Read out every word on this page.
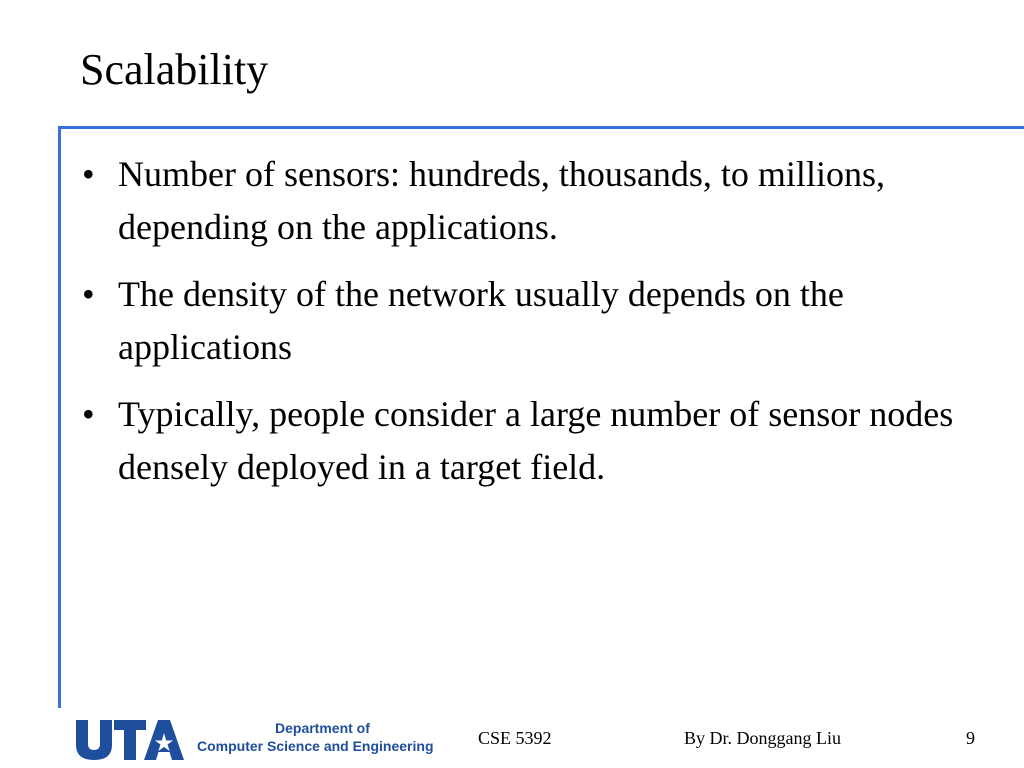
Scalability
• Number of sensors: hundreds, thousands, to millions, depending on the applications.
• The density of the network usually depends on the applications
• Typically, people consider a large number of sensor nodes densely deployed in a target field.
Department of
Computer Science and Engineering CSE 5392	By Dr. Donggang Liu	9
